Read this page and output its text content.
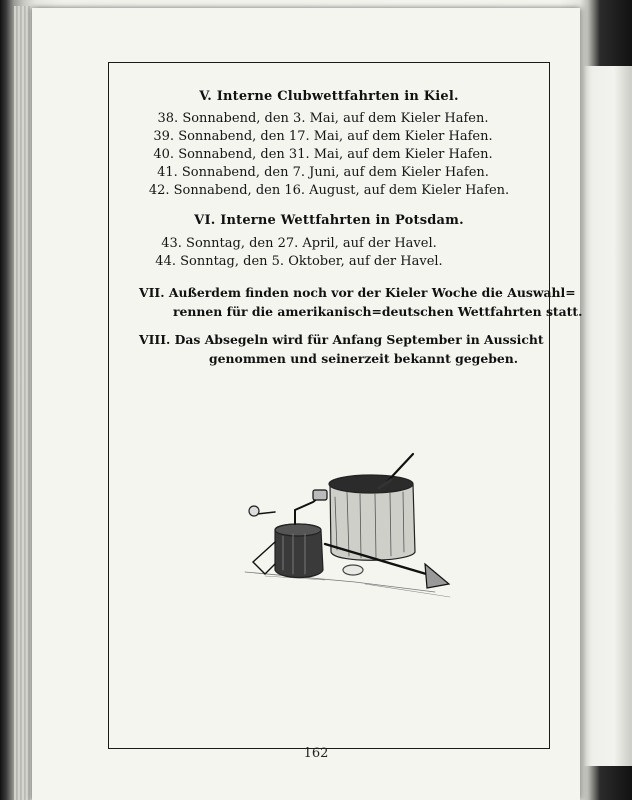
V. Interne Clubwettfahrten in Kiel.
38. Sonnabend, den 3. Mai, auf dem Kieler Hafen.
39. Sonnabend, den 17. Mai, auf dem Kieler Hafen.
40. Sonnabend, den 31. Mai, auf dem Kieler Hafen.
41. Sonnabend, den 7. Juni, auf dem Kieler Hafen.
42. Sonnabend, den 16. August, auf dem Kieler Hafen.
VI. Interne Wettfahrten in Potsdam.
43. Sonntag, den 27. April, auf der Havel.
44. Sonntag, den 5. Oktober, auf der Havel.
VII. Außerdem finden noch vor der Kieler Woche die Auswahl=
rennen für die amerikanisch=deutschen Wettfahrten statt.
VIII. Das Absegeln wird für Anfang September in Aussicht
genommen und seinerzeit bekannt gegeben.
162
